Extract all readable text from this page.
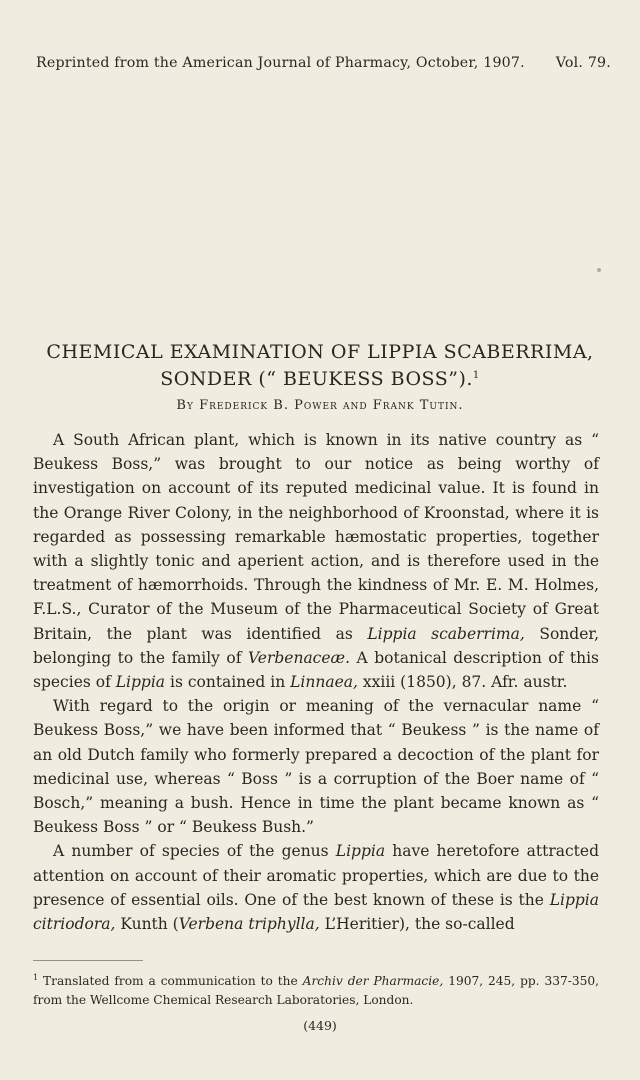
Reprinted from the American Journal of Pharmacy, October, 1907. Vol. 79.
CHEMICAL EXAMINATION OF LIPPIA SCABERRIMA,
SONDER (“ BEUKESS BOSS”).$^1$
By Frederick B. Power and Frank Tutin.

A South African plant, which is known in its native country as “ Beukess Boss,” was brought to our notice as being worthy of investigation on account of its reputed medicinal value. It is found in the Orange River Colony, in the neighborhood of Kroonstad, where it is regarded as possessing remarkable hæmostatic properties, together with a slightly tonic and aperient action, and is therefore used in the treatment of hæmorrhoids. Through the kindness of Mr. E. M. Holmes, F.L.S., Curator of the Museum of the Pharmaceutical Society of Great Britain, the plant was identified as Lippia scaberrima, Sonder, belonging to the family of Verbenaceæ. A botanical description of this species of Lippia is contained in Linnaea, xxiii (1850), 87. Afr. austr.

With regard to the origin or meaning of the vernacular name “ Beukess Boss,” we have been informed that “ Beukess ” is the name of an old Dutch family who formerly prepared a decoction of the plant for medicinal use, whereas “ Boss ” is a corruption of the Boer name of “ Bosch,” meaning a bush. Hence in time the plant became known as “ Beukess Boss ” or “ Beukess Bush.”

A number of species of the genus Lippia have heretofore attracted attention on account of their aromatic properties, which are due to the presence of essential oils. One of the best known of these is the Lippia citriodora, Kunth (Verbena triphylla, L’Heritier), the so-called

$^1$ Translated from a communication to the Archiv der Pharmacie, 1907, 245, pp. 337-350, from the Wellcome Chemical Research Laboratories, London.
(449)
